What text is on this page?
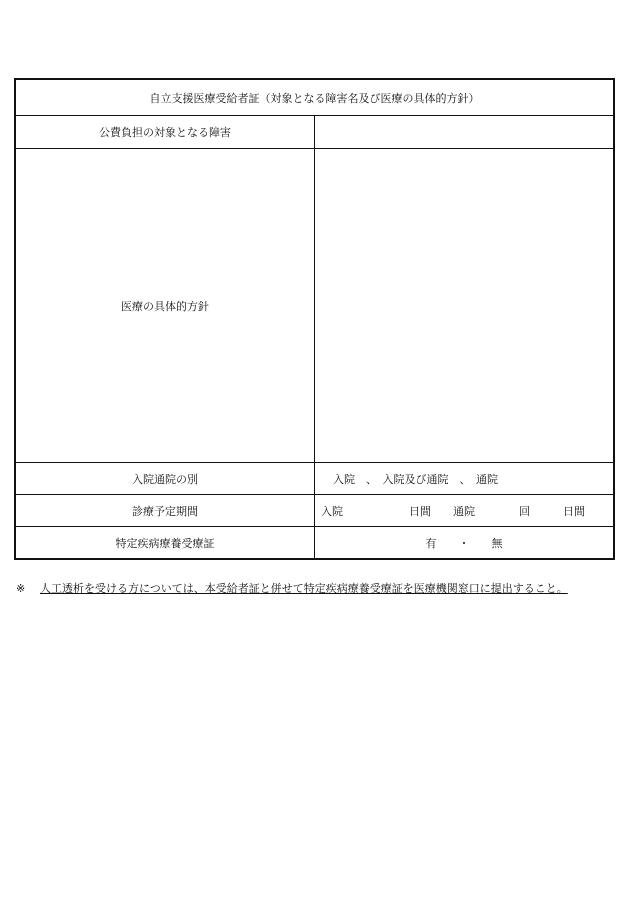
自立支援医療受給者証（対象となる障害名及び医療の具体的方針）	
公費負担の対象となる障害	
医療の具体的方針	
入院通院の別	入院　、　入院及び通院　、　通院
診療予定期間	入院　　　　　　日間　　通院　　　　回　　　日間
特定疾病療養受療証	有　　・　　無
※ 人工透析を受ける方については、本受給者証と併せて特定疾病療養受療証を医療機関窓口に提出すること。
